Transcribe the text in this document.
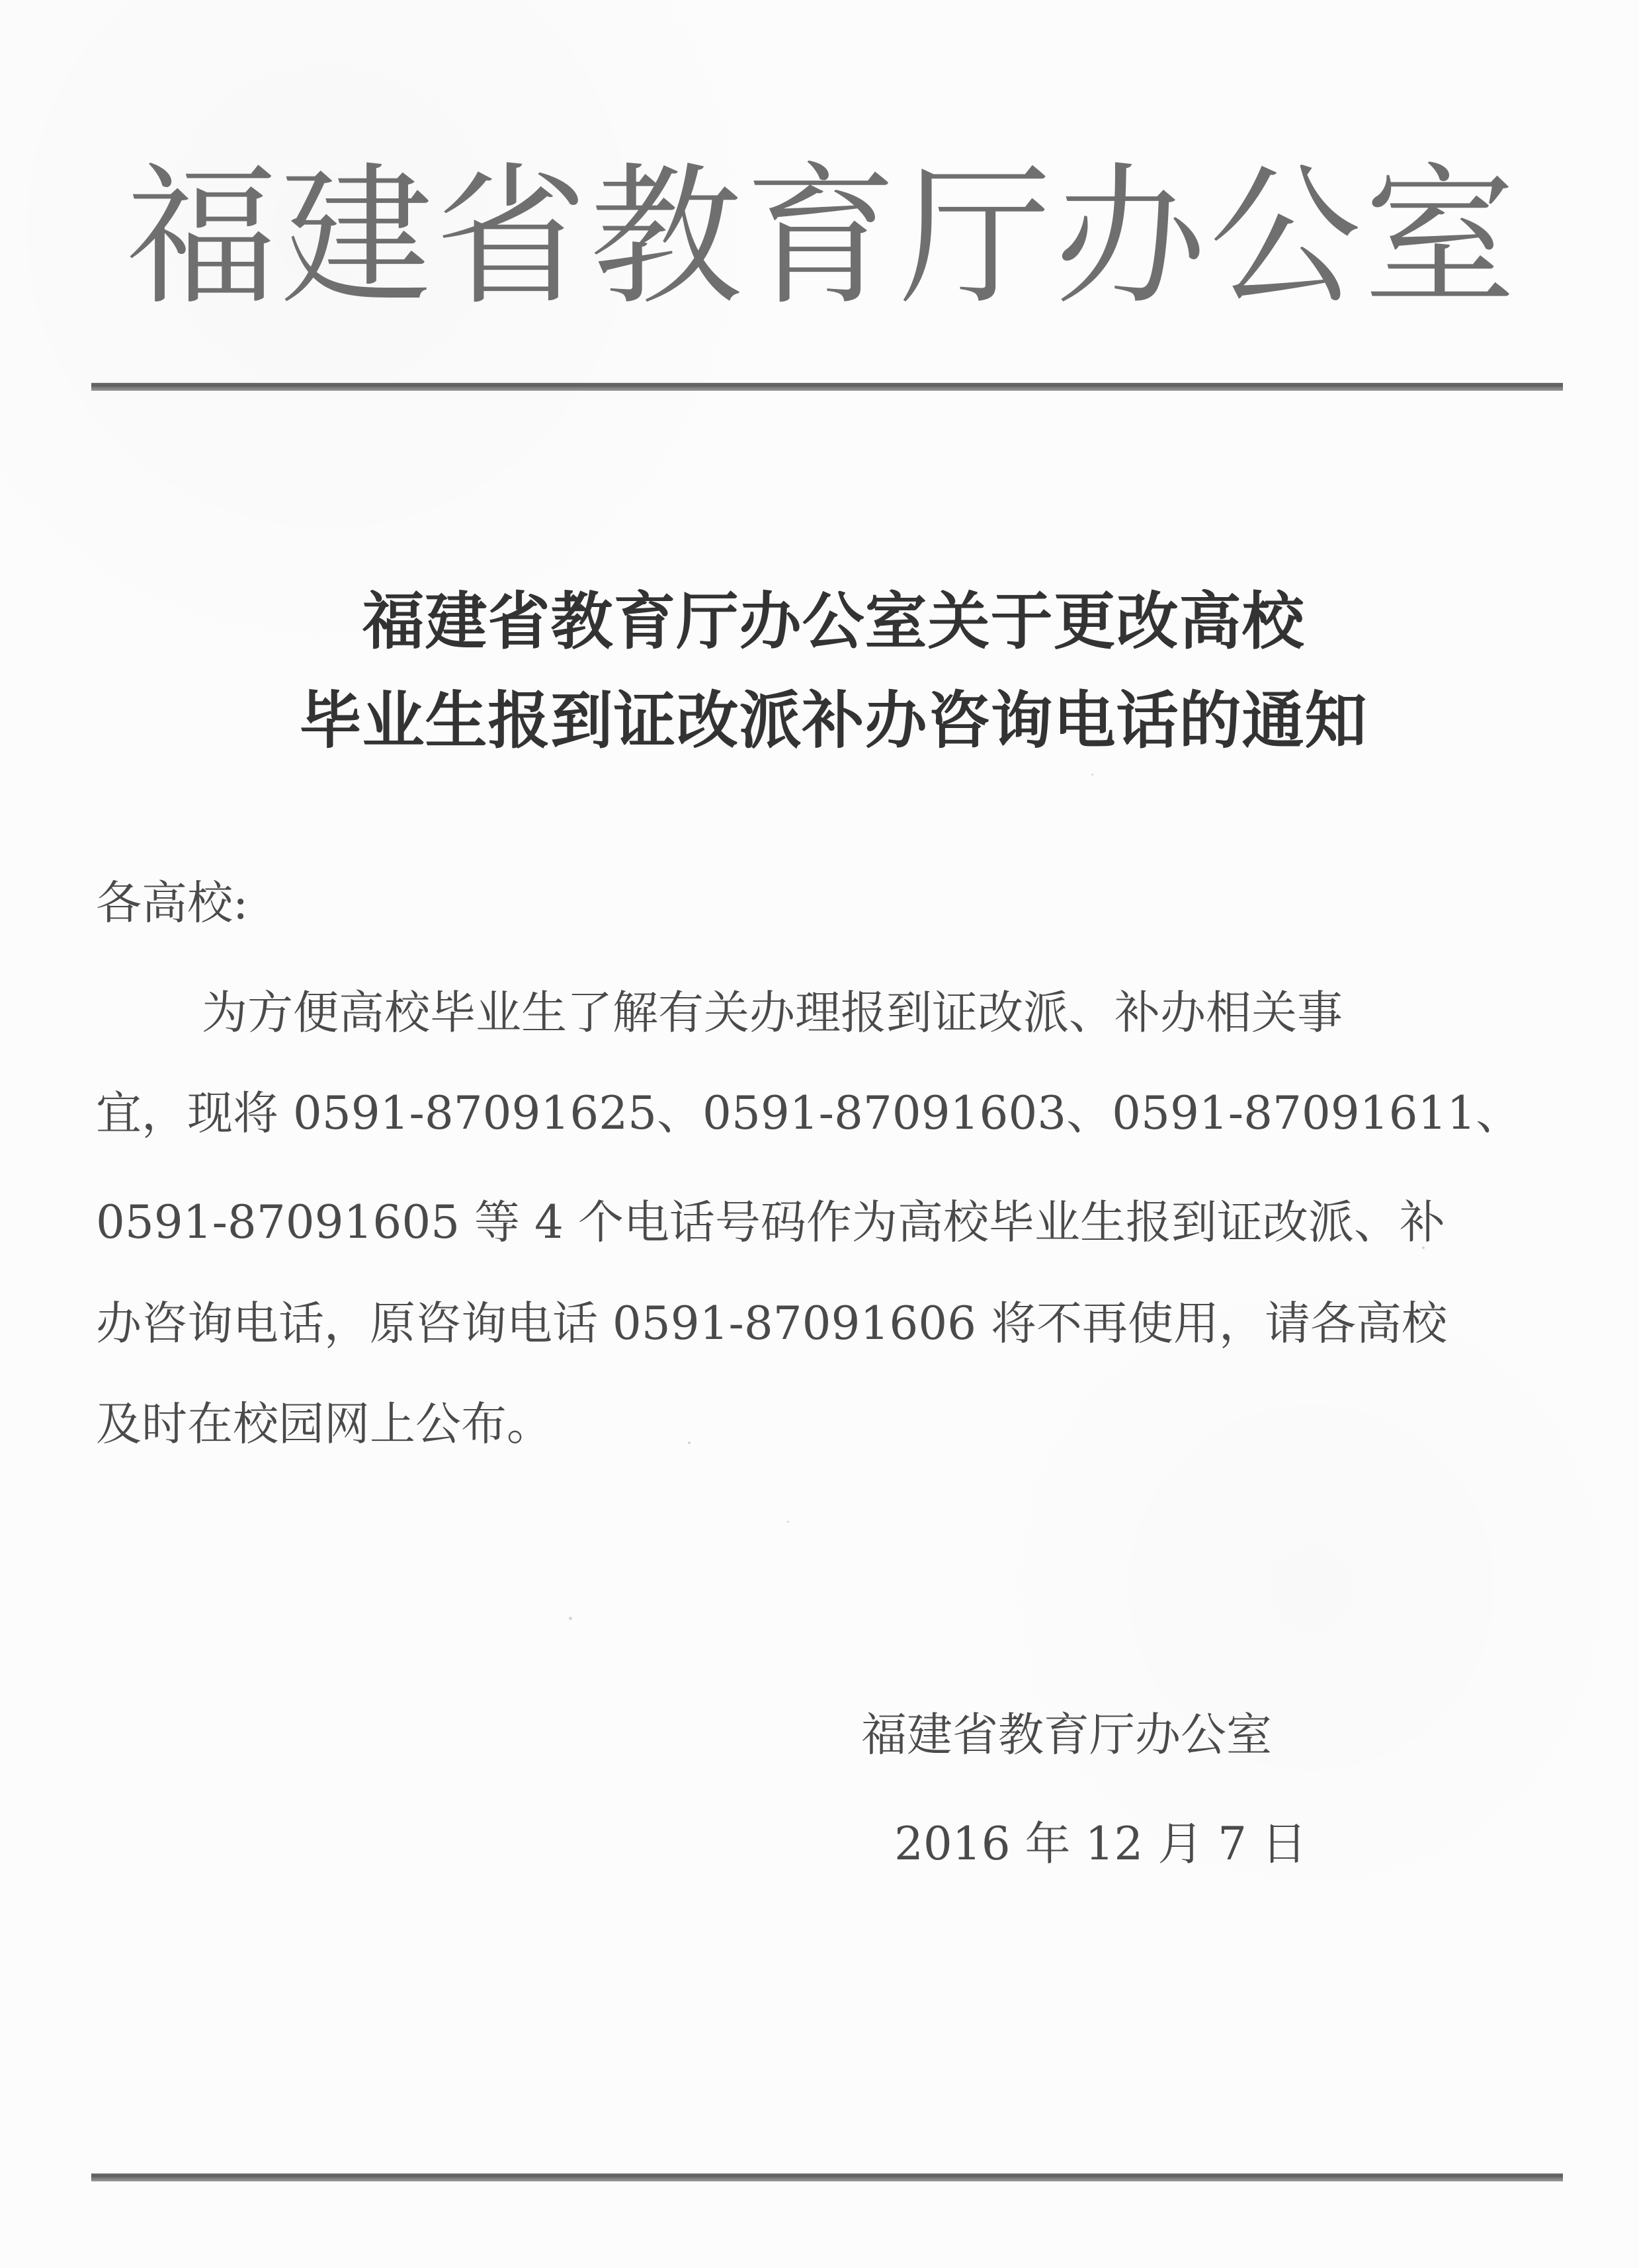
福建省教育厅办公室
福建省教育厅办公室关于更改高校
毕业生报到证改派补办咨询电话的通知
各高校:
为方便高校毕业生了解有关办理报到证改派、补办相关事
宜，现将 0591-87091625、0591-87091603、0591-87091611、
0591-87091605 等 4 个电话号码作为高校毕业生报到证改派、补
办咨询电话，原咨询电话 0591-87091606 将不再使用，请各高校
及时在校园网上公布。
福建省教育厅办公室
2016 年 12 月 7 日
